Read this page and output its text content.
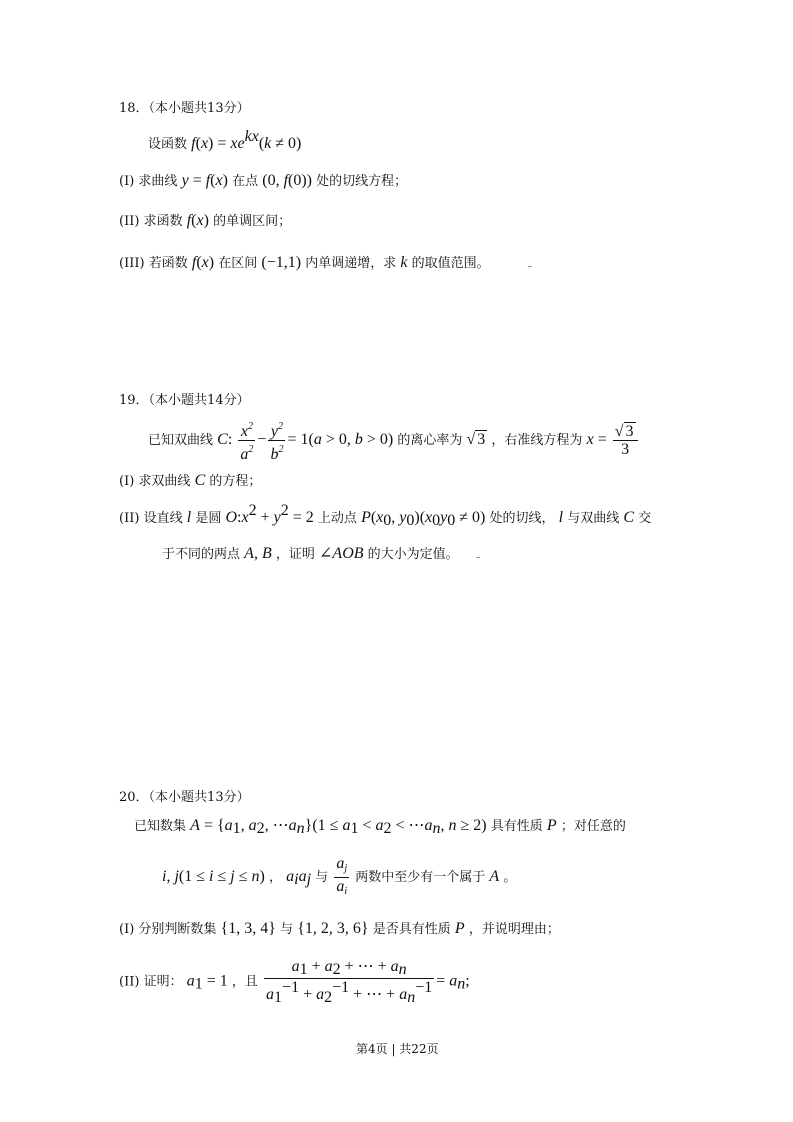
18．（本小题共13分）
设函数 $f(x) = xe^{kx}(k \ne 0)$
(I) 求曲线 y = f(x) 在点 (0, f(0)) 处的切线方程；
(II) 求函数 f(x) 的单调区间；
(III) 若函数 f(x) 在区间 (−1,1) 内单调递增，求 k 的取值范围。
19．（本小题共14分）
已知双曲线 C: $\frac{x^2}{a^2} - \frac{y^2}{b^2} = 1(a > 0$, b > 0) 的离心率为 √ 3 ，右准线方程为 $x = \frac{√ 3}{3}$
(I) 求双曲线 C 的方程；
(II) 设直线 l 是圆 $O:x^2 + y^2 = 2$ 上动点 $P(x_0$, $y_0)(x_0y_0 \ne 0)$ 处的切线， l 与双曲线 C 交
于不同的两点 A, B ，证明 ∠AOB 的大小为定值。
20．（本小题共13分）
已知数集 $A = \{a_1$, $a_2$, $\cdots a_n\}(1 \le a_1 < a_2$ < $\cdots a_n$, n ≥ 2) 具有性质 P ；对任意的
i, j(1 ≤ i ≤ j ≤ n) ， $a_ia_j$ 与 $\frac{a_j}{a_i}$ 两数中至少有一个属于 A 。
(I) 分别判断数集 {1, 3, 4} 与 {1, 2, 3, 6} 是否具有性质 P ，并说明理由；
(II) 证明： $a_1 = 1$ ，且 $\frac{a_1 + a_2 + \cdots + a_n}{a_1^{-1} + a_2^{-1} + \cdots + a_n^{-1}} = a_n$;
第4页 | 共22页
